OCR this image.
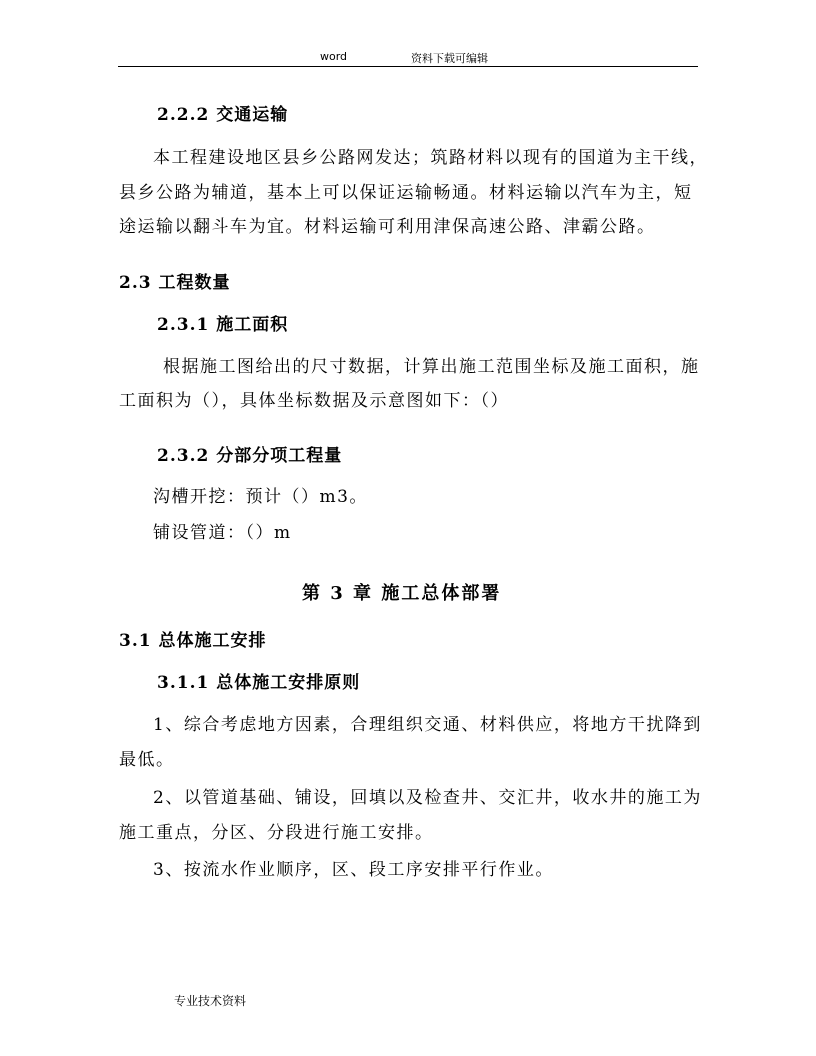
word	资料下载可编辑
2.2.2 交通运输
本工程建设地区县乡公路网发达；筑路材料以现有的国道为主干线，
县乡公路为辅道，基本上可以保证运输畅通。材料运输以汽车为主，短
途运输以翻斗车为宜。材料运输可利用津保高速公路、津霸公路。
2.3 工程数量
2.3.1 施工面积
根据施工图给出的尺寸数据，计算出施工范围坐标及施工面积，施
工面积为（），具体坐标数据及示意图如下：（）
2.3.2 分部分项工程量
沟槽开挖：预计（）m3。
铺设管道：（）m
第 3 章 施工总体部署
3.1 总体施工安排
3.1.1 总体施工安排原则
1、综合考虑地方因素，合理组织交通、材料供应，将地方干扰降到
最低。
2、以管道基础、铺设，回填以及检查井、交汇井，收水井的施工为
施工重点，分区、分段进行施工安排。
3、按流水作业顺序，区、段工序安排平行作业。
专业技术资料
